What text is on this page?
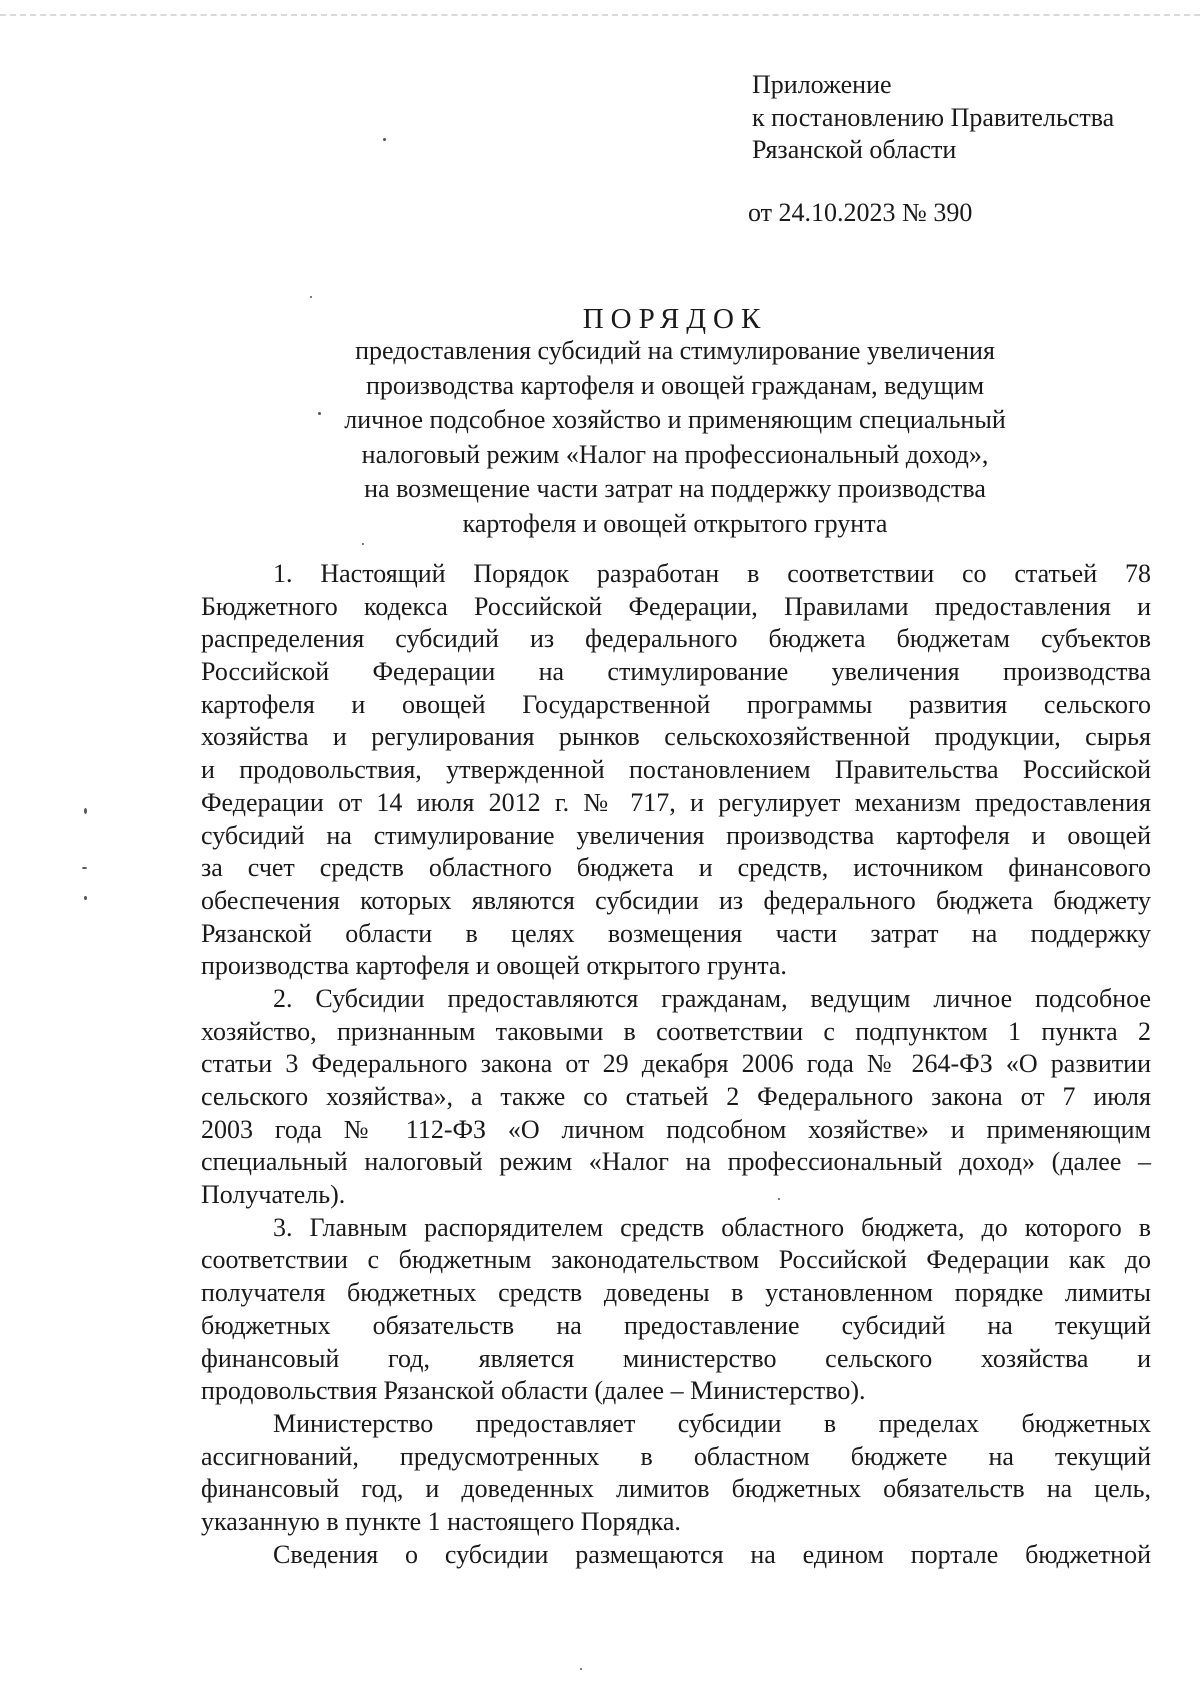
Приложение
к постановлению Правительства
Рязанской области
от 24.10.2023 № 390
ПОРЯДОК
предоставления субсидий на стимулирование увеличения
производства картофеля и овощей гражданам, ведущим
личное подсобное хозяйство и применяющим специальный
налоговый режим «Налог на профессиональный доход»,
на возмещение части затрат на поддержку производства
картофеля и овощей открытого грунта
1. Настоящий Порядок разработан в соответствии со статьей 78
Бюджетного кодекса Российской Федерации, Правилами предоставления и
распределения субсидий из федерального бюджета бюджетам субъектов
Российской Федерации на стимулирование увеличения производства
картофеля и овощей Государственной программы развития сельского
хозяйства и регулирования рынков сельскохозяйственной продукции, сырья
и продовольствия, утвержденной постановлением Правительства Российской
Федерации от 14 июля 2012 г. № 717, и регулирует механизм предоставления
субсидий на стимулирование увеличения производства картофеля и овощей
за счет средств областного бюджета и средств, источником финансового
обеспечения которых являются субсидии из федерального бюджета бюджету
Рязанской области в целях возмещения части затрат на поддержку
производства картофеля и овощей открытого грунта.
2. Субсидии предоставляются гражданам, ведущим личное подсобное
хозяйство, признанным таковыми в соответствии с подпунктом 1 пункта 2
статьи 3 Федерального закона от 29 декабря 2006 года № 264-ФЗ «О развитии
сельского хозяйства», а также со статьей 2 Федерального закона от 7 июля
2003 года № 112-ФЗ «О личном подсобном хозяйстве» и применяющим
специальный налоговый режим «Налог на профессиональный доход» (далее –
Получатель).
3. Главным распорядителем средств областного бюджета, до которого в
соответствии с бюджетным законодательством Российской Федерации как до
получателя бюджетных средств доведены в установленном порядке лимиты
бюджетных обязательств на предоставление субсидий на текущий
финансовый год, является министерство сельского хозяйства и
продовольствия Рязанской области (далее – Министерство).
Министерство предоставляет субсидии в пределах бюджетных
ассигнований, предусмотренных в областном бюджете на текущий
финансовый год, и доведенных лимитов бюджетных обязательств на цель,
указанную в пункте 1 настоящего Порядка.
Сведения о субсидии размещаются на едином портале бюджетной
